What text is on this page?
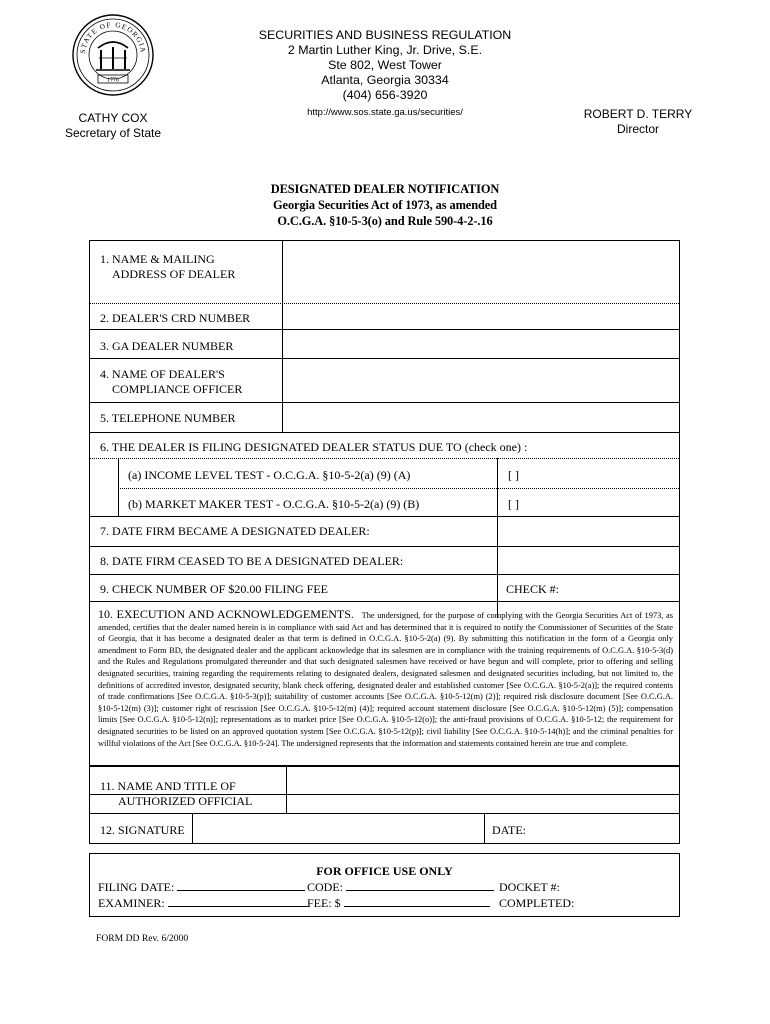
STATE OF GEORGIA
1776
SECURITIES AND BUSINESS REGULATION
2 Martin Luther King, Jr. Drive, S.E.
Ste 802, West Tower
Atlanta, Georgia 30334
(404) 656-3920
http://www.sos.state.ga.us/securities/
CATHY COX
Secretary of State
ROBERT D. TERRY
Director
DESIGNATED DEALER NOTIFICATION
Georgia Securities Act of 1973, as amended
O.C.G.A. §10-5-3(o) and Rule 590-4-2-.16
1. NAME & MAILING
ADDRESS OF DEALER
2. DEALER'S CRD NUMBER
3. GA DEALER NUMBER
4. NAME OF DEALER'S
COMPLIANCE OFFICER
5. TELEPHONE NUMBER
6. THE DEALER IS FILING DESIGNATED DEALER STATUS DUE TO (check one) :
(a) INCOME LEVEL TEST - O.C.G.A. §10-5-2(a) (9) (A)	[ ]
(b) MARKET MAKER TEST - O.C.G.A. §10-5-2(a) (9) (B)	[ ]
7. DATE FIRM BECAME A DESIGNATED DEALER:
8. DATE FIRM CEASED TO BE A DESIGNATED DEALER:
9. CHECK NUMBER OF $20.00 FILING FEE	CHECK #:
10. EXECUTION AND ACKNOWLEDGEMENTS. The undersigned, for the purpose of complying with the Georgia Securities Act of 1973, as amended, certifies that the dealer named herein is in compliance with said Act and has determined that it is required to notify the Commissioner of Securities of the State of Georgia, that it has become a designated dealer as that term is defined in O.C.G.A. §10-5-2(a) (9). By submitting this notification in the form of a Georgia only amendment to Form BD, the designated dealer and the applicant acknowledge that its salesmen are in compliance with the training requirements of O.C.G.A. §10-5-3(d) and the Rules and Regulations promulgated thereunder and that such designated salesmen have received or have begun and will complete, prior to offering and selling designated securities, training regarding the requirements relating to designated dealers, designated salesmen and designated securities including, but not limited to, the definitions of accredited investor, designated security, blank check offering, designated dealer and established customer [See O.C.G.A. §10-5-2(a)]; the required contents of trade confirmations [See O.C.G.A. §10-5-3(p)]; suitability of customer accounts [See O.C.G.A. §10-5-12(m) (2)]; required risk disclosure document [See O.C.G.A. §10-5-12(m) (3)]; customer right of rescission [See O.C.G.A. §10-5-12(m) (4)]; required account statement disclosure [See O.C.G.A. §10-5-12(m) (5)]; compensation limits [See O.C.G.A. §10-5-12(n)]; representations as to market price [See O.C.G.A. §10-5-12(o)]; the anti-fraud provisions of O.C.G.A. §10-5-12; the requirement for designated securities to be listed on an approved quotation system [See O.C.G.A. §10-5-12(p)]; civil liability [See O.C.G.A. §10-5-14(h)]; and the criminal penalties for willful violations of the Act [See O.C.G.A. §10-5-24]. The undersigned represents that the information and statements contained herein are true and complete.
11. NAME AND TITLE OF
AUTHORIZED OFFICIAL
12. SIGNATURE	DATE:
FOR OFFICE USE ONLY
FILING DATE:	CODE:	DOCKET #:
EXAMINER:	FEE: $	COMPLETED:
FORM DD Rev. 6/2000
